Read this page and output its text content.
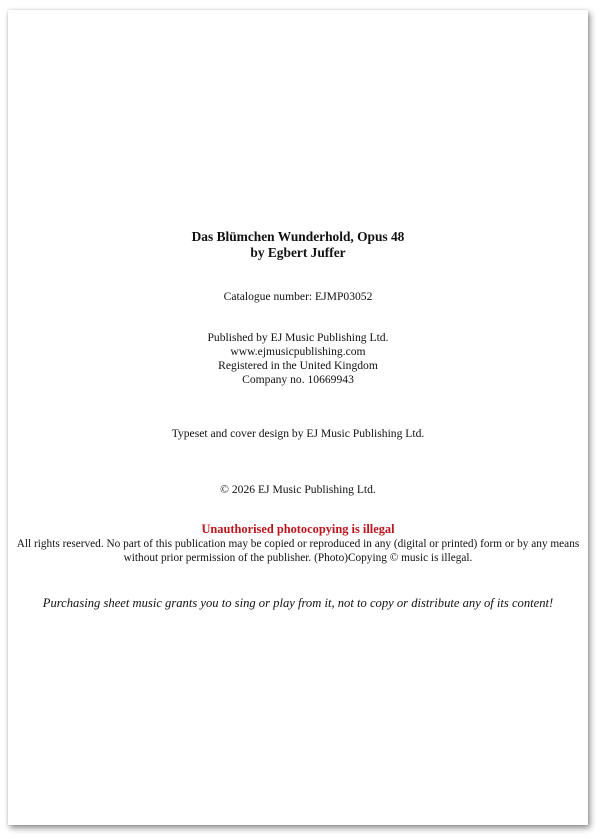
Das Blümchen Wunderhold, Opus 48
by Egbert Juffer
Catalogue number: EJMP03052
Published by EJ Music Publishing Ltd.
www.ejmusicpublishing.com
Registered in the United Kingdom
Company no. 10669943
Typeset and cover design by EJ Music Publishing Ltd.
© 2026 EJ Music Publishing Ltd.
Unauthorised photocopying is illegal
All rights reserved. No part of this publication may be copied or reproduced in any (digital or printed) form or by any means without prior permission of the publisher. (Photo)Copying © music is illegal.
Purchasing sheet music grants you to sing or play from it, not to copy or distribute any of its content!
